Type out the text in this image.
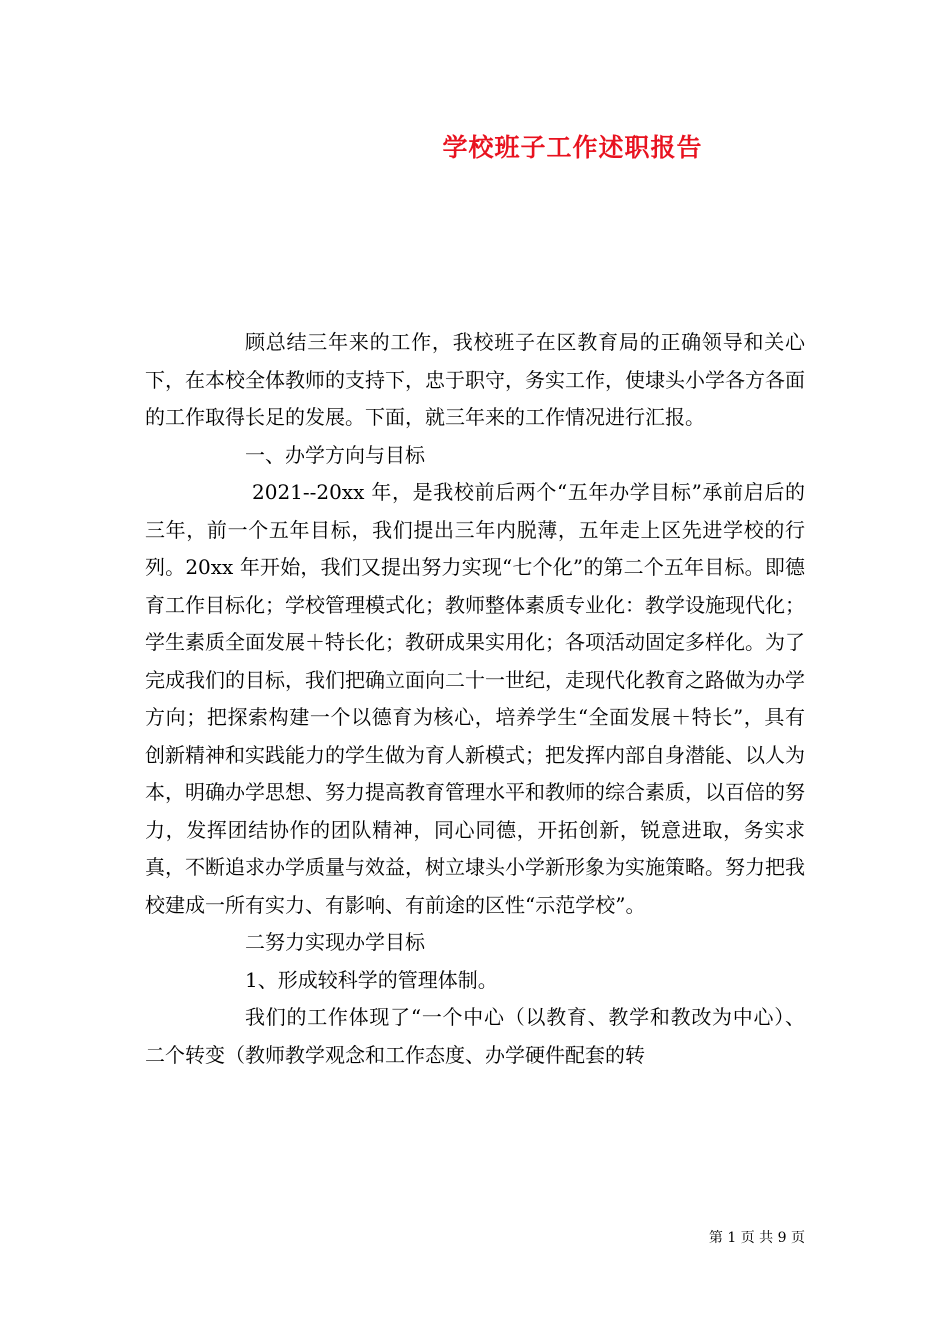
学校班子工作述职报告

顾总结三年来的工作，我校班子在区教育局的正确领导和关心下，在本校全体教师的支持下，忠于职守，务实工作，使埭头小学各方各面的工作取得长足的发展。下面，就三年来的工作情况进行汇报。

一、办学方向与目标

2021--20xx 年，是我校前后两个“五年办学目标”承前启后的三年，前一个五年目标，我们提出三年内脱薄，五年走上区先进学校的行列。20xx 年开始，我们又提出努力实现“七个化”的第二个五年目标。即德育工作目标化；学校管理模式化；教师整体素质专业化：教学设施现代化；学生素质全面发展＋特长化；教研成果实用化；各项活动固定多样化。为了完成我们的目标，我们把确立面向二十一世纪，走现代化教育之路做为办学方向；把探索构建一个以德育为核心，培养学生“全面发展＋特长”，具有创新精神和实践能力的学生做为育人新模式；把发挥内部自身潜能、以人为本，明确办学思想、努力提高教育管理水平和教师的综合素质，以百倍的努力，发挥团结协作的团队精神，同心同德，开拓创新，锐意进取，务实求真，不断追求办学质量与效益，树立埭头小学新形象为实施策略。努力把我校建成一所有实力、有影响、有前途的区性“示范学校”。

二努力实现办学目标

1、形成较科学的管理体制。

我们的工作体现了“一个中心（以教育、教学和教改为中心）、二个转变（教师教学观念和工作态度、办学硬件配套的转

第 1 页 共 9 页
